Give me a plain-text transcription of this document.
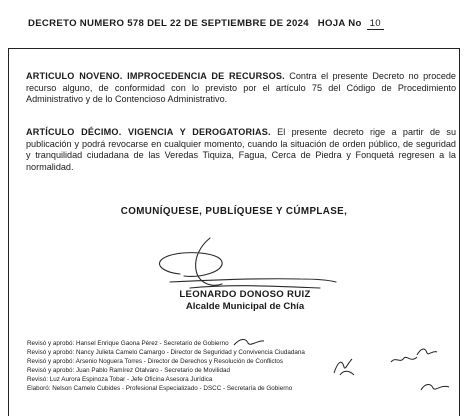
DECRETO NUMERO 578 DEL 22 DE SEPTIEMBRE DE 2024 HOJA No 10
ARTICULO NOVENO. IMPROCEDENCIA DE RECURSOS. Contra el presente Decreto no procede recurso alguno, de conformidad con lo previsto por el artículo 75 del Código de Procedimiento Administrativo y de lo Contencioso Administrativo.
ARTÍCULO DÉCIMO. VIGENCIA Y DEROGATORIAS. El presente decreto rige a partir de su publicación y podrá revocarse en cualquier momento, cuando la situación de orden público, de seguridad y tranquilidad ciudadana de las Veredas Tiquiza, Fagua, Cerca de Piedra y Fonquetá regresen a la normalidad.
COMUNÍQUESE, PUBLÍQUESE Y CÚMPLASE,
LEONARDO DONOSO RUIZ
Alcalde Municipal de Chía
Revisó y aprobó: Hansel Enrique Gaona Pérez - Secretario de Gobierno
Revisó y aprobó: Nancy Julieta Camelo Camargo - Director de Seguridad y Convivencia Ciudadana
Revisó y aprobó: Arsenio Noguera Torres - Director de Derechos y Resolución de Conflictos
Revisó y aprobó: Juan Pablo Ramírez Otalvaro - Secretario de Movilidad
Revisó: Luz Aurora Espinoza Tobar - Jefe Oficina Asesora Jurídica
Elaboró: Nelson Camelo Cubides - Profesional Especializado - DSCC - Secretaría de Gobierno
